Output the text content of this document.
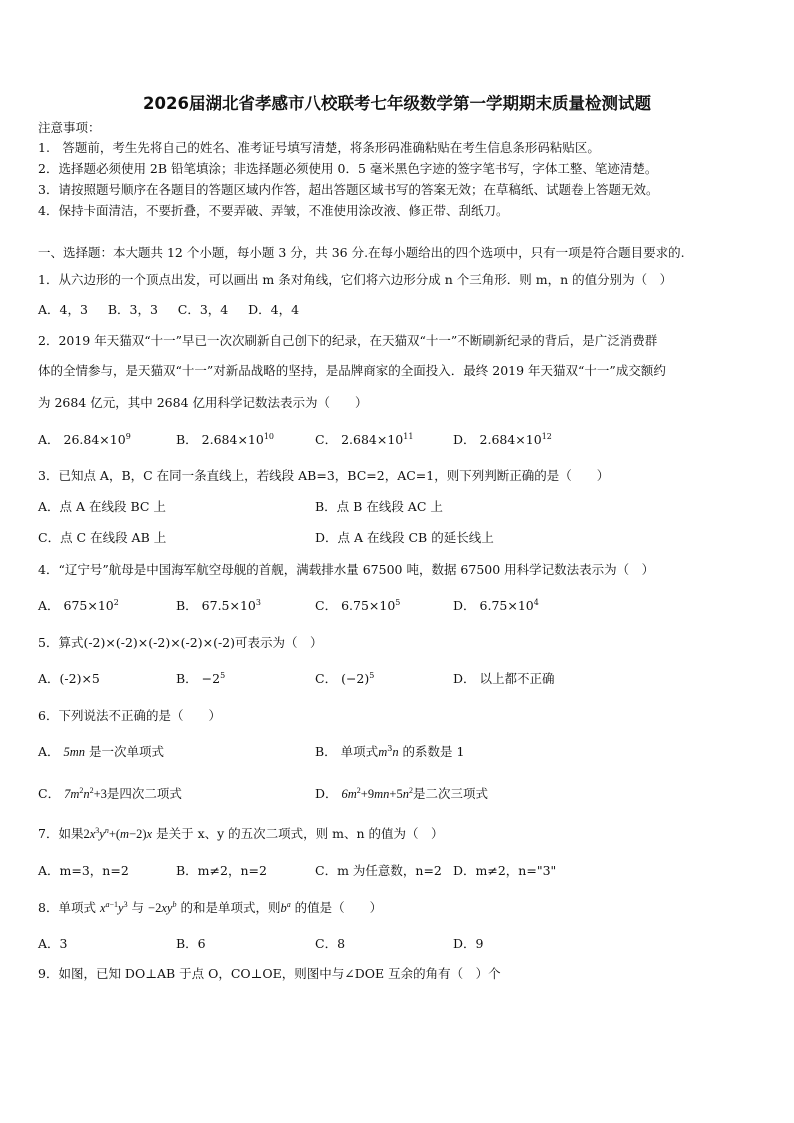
2026届湖北省孝感市八校联考七年级数学第一学期期末质量检测试题
注意事项：
1.　答题前，考生先将自己的姓名、准考证号填写清楚，将条形码准确粘贴在考生信息条形码粘贴区。
2．选择题必须使用 2B 铅笔填涂；非选择题必须使用 0．5 毫米黑色字迹的签字笔书写，字体工整、笔迹清楚。
3．请按照题号顺序在各题目的答题区域内作答，超出答题区域书写的答案无效；在草稿纸、试题卷上答题无效。
4．保持卡面清洁，不要折叠，不要弄破、弄皱，不准使用涂改液、修正带、刮纸刀。
一、选择题：本大题共 12 个小题，每小题 3 分，共 36 分.在每小题给出的四个选项中，只有一项是符合题目要求的.
1．从六边形的一个顶点出发，可以画出 m 条对角线，它们将六边形分成 n 个三角形．则 m，n 的值分别为（　）
A．4，3 B．3，3 C．3，4 D．4，4
2．2019 年天猫双“十一”早已一次次刷新自己创下的纪录，在天猫双“十一”不断刷新纪录的背后，是广泛消费群
体的全情参与，是天猫双“十一”对新品战略的坚持，是品牌商家的全面投入．最终 2019 年天猫双“十一”成交额约
为 2684 亿元，其中 2684 亿用科学记数法表示为（　　）
A． $26.84\times 10^9$	B． $2.684\times 10^{10}$	C． $2.684\times 10^{11}$	D． $2.684\times 10^{12}$
3．已知点 A，B，C 在同一条直线上，若线段 AB=3，BC=2，AC=1，则下列判断正确的是（　　）
A．点 A 在线段 BC 上	B．点 B 在线段 AC 上
C．点 C 在线段 AB 上	D．点 A 在线段 CB 的延长线上
4．“辽宁号”航母是中国海军航空母舰的首舰，满载排水量 67500 吨，数据 67500 用科学记数法表示为（　）
A． $675\times 10^2$	B． $67.5\times 10^3$	C． $6.75\times 10^5$	D． $6.75\times 10^4$
5．算式(-2)×(-2)×(-2)×(-2)×(-2)可表示为（　）
A．(-2)×5	B． $-2^5$	C． $(-2)^5$	D． 以上都不正确
6．下列说法不正确的是（　　）
A． 5mn 是一次单项式	B． 单项式$m^3n$ 的系数是 1
C． $7m^2n^2+3$是四次二项式	D． $6m^2+9mn+5n^2$是二次三项式
7．如果$2x^3y^n+(m-2)x$ 是关于 x、y 的五次二项式，则 m、n 的值为（　）
A．m=3，n=2	B．m≠2，n=2	C．m 为任意数，n=2 D．m≠2，n="3"
8．单项式 $x^{a-1}y^3$ 与 $-2xy^b$ 的和是单项式，则$b^a$ 的值是（　　）
A．3	B．6	C．8	D．9
9．如图，已知 DO⊥AB 于点 O，CO⊥OE，则图中与∠DOE 互余的角有（　）个
